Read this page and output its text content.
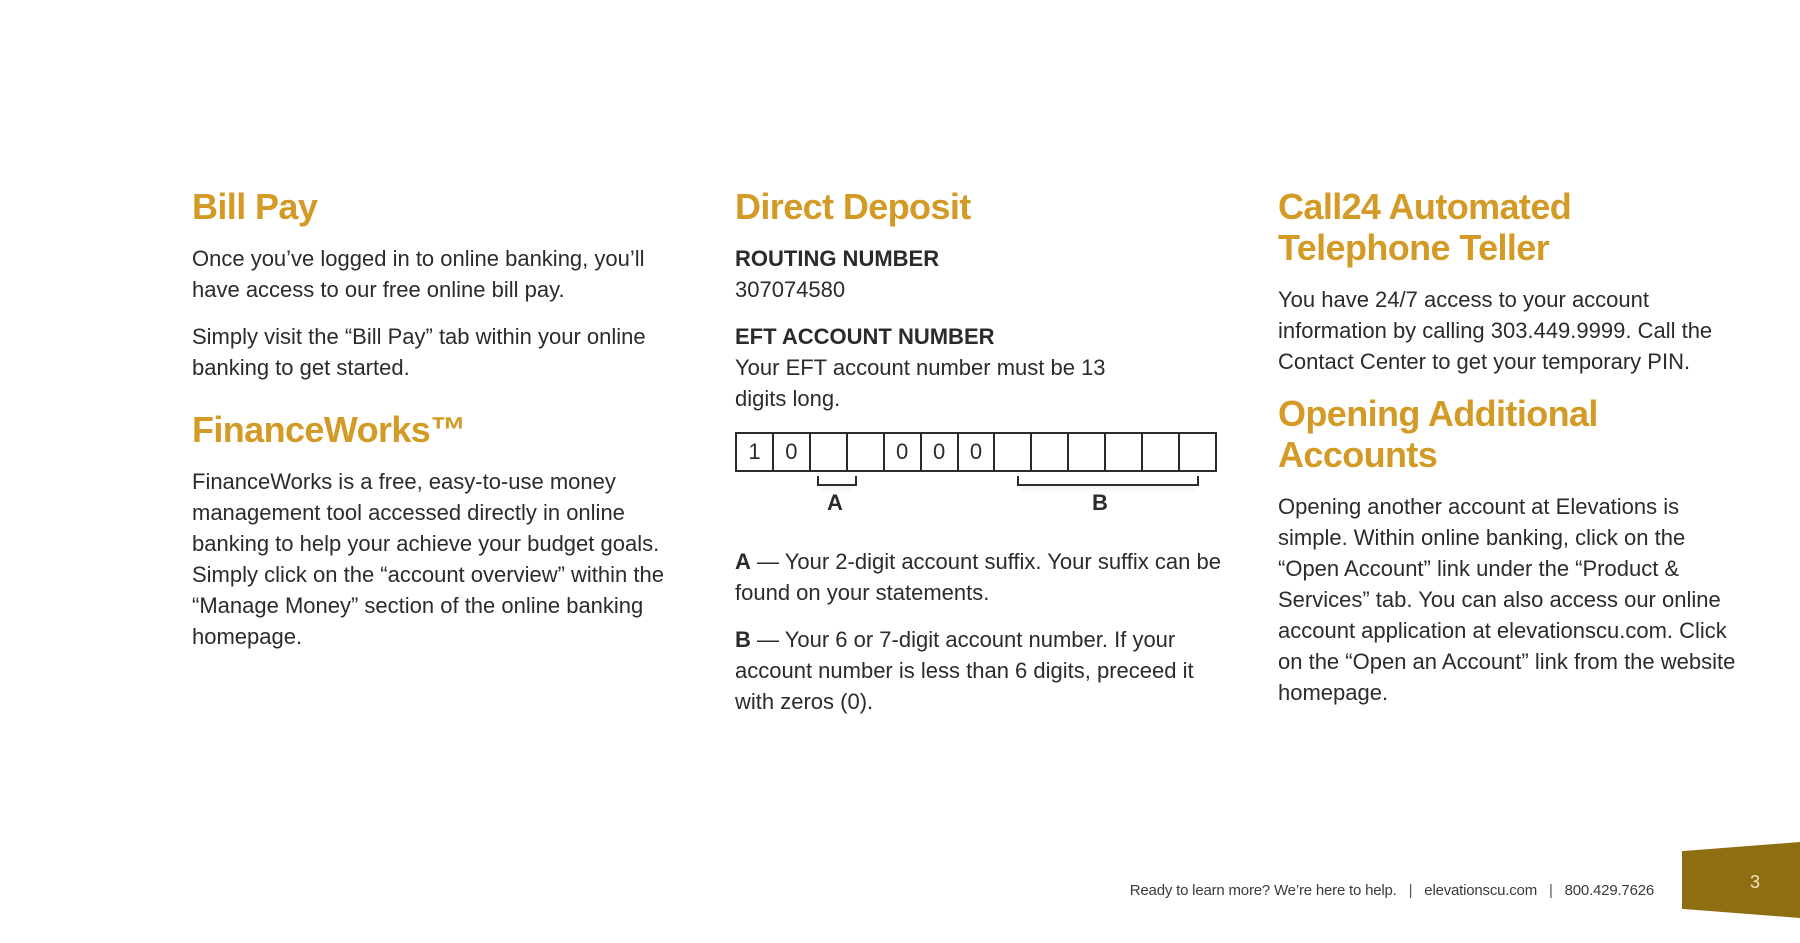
Bill Pay

Once you’ve logged in to online banking, you’ll have access to our free online bill pay.

Simply visit the “Bill Pay” tab within your online banking to get started.

FinanceWorks™

FinanceWorks is a free, easy-to-use money management tool accessed directly in online banking to help your achieve your budget goals. Simply click on the “account overview” within the “Manage Money” section of the online banking homepage.

Direct Deposit

ROUTING NUMBER

307074580

EFT ACCOUNT NUMBER

Your EFT account number must be 13 digits long.

1	0	0	0	0
A	B

A — Your 2-digit account suffix. Your suffix can be found on your statements.

B — Your 6 or 7-digit account number. If your account number is less than 6 digits, preceed it with zeros (0).

Call24 Automated Telephone Teller

You have 24/7 access to your account information by calling 303.449.9999. Call the Contact Center to get your temporary PIN.

Opening Additional Accounts

Opening another account at Elevations is simple. Within online banking, click on the “Open Account” link under the “Product & Services” tab. You can also access our online account application at elevationscu.com. Click on the “Open an Account” link from the website homepage.

Ready to learn more? We’re here to help. | elevationscu.com | 800.429.7626	3
